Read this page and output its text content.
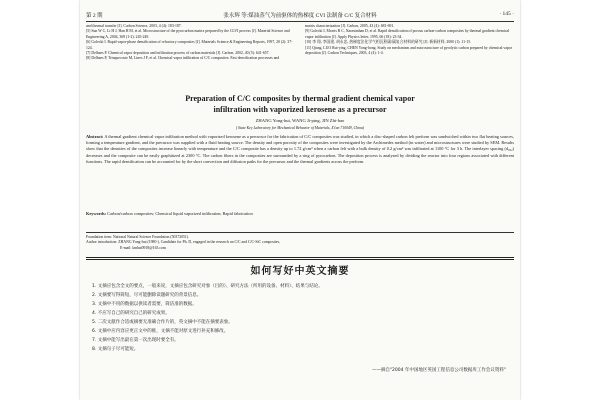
第 2 期	张永辉 等:煤油蒸气为前驱体的热梯度 CVI 法制备 C/C 复合材料	· 145 ·

and thermal transfer [J]. Carbon Science, 2003, 4 (4): 183-187.

[5] Sun W C, Li H J, Han H M, et al. Microstructure of the pyrocarbon matrix prepared by the CLVI process [J]. Material Science and Engineering A, 2004, 369 (1-2): 245-249.

[6] Golecki I. Rapid vapor-phase densification of refractory composites [J]. Materials Science & Engineering Reports, 1997, 20 (2): 37-124.

[7] Delhaes P. Chemical vapor deposition and infiltration process of carbon materials [J]. Carbon, 2002, 40 (5): 641-657.

[8] Delhaes P, Trinquecoste M, Lines J F, et al. Chemical vapor infiltration of C/C composites: Fast densification processes and

matrix characterization [J]. Carbon, 2005, 43 (4): 681-691.

[9] Golecki I, Morris R C, Narasimhan D, et al. Rapid densification of porous carbon-carbon composites by thermal gradient chemical vapor infiltration [J]. Apply Physics letter, 1995, 66 (18): 23-34.

[10] 李 翔, 李国建, 胡永忠, 热梯度法化学气相沉积碳/碳复合材料的研究 [J]. 新新材料, 2000 (1): 11-15.

[11] Qiang, LUO Rui-ying, CHEN Yong-hong. Study on mechanism and microstructure of pyrolytic carbon prepared by chemical vapor deposition [J]. Carbon Techniques, 2003, 4 (4): 1-4.

Preparation of C/C composites by thermal gradient chemical vapor
infiltration with vaporized kerosene as a precursor
ZHANG Yong-hui, WANG Ji-ping, JIN Zhi-hao
( State Key Laboratory for Mechanical Behavior of Materials, Xi'an 710049, China)
Abstract: A thermal gradient chemical vapor infiltration method with vaporized kerosene as a precursor for the fabrication of C/C composites was studied, in which a disc-shaped carbon felt preform was sandwiched within two flat heating sources, forming a temperature gradient, and the precursor was supplied with a fluid heating source. The density and open porosity of the composites were investigated by the Archimedes method (in water) and microstructures were studied by SEM. Results show that the densities of the composites increase linearly with temperature and the C/C composite has a density up to 1.72 g/cm³ when a carbon felt with a bulk density of 0.2 g/cm³ was infiltrated at 1100 °C for 3 h. The interlayer spacing (d₀₀₂) decreases and the composite can be easily graphitized at 2300 °C. The carbon fibers in the composites are surrounded by a ring of pyrocarbon. The deposition process is analyzed by dividing the reactor into four regions associated with different functions. The rapid densification can be accounted for by the short convection and diffusion paths for the precursor and the thermal gradients across the preform.
Keywords: Carbon/carbon composites; Chemical liquid vaporized infiltration; Rapid fabrication

Foundation item: National Natural Science Foundation (50372051).

Author introduction: ZHANG Yong-hui (1980-), Candidate for Ph. D, engaged in the research on C/C and C/C-SiC composites,

E-mail: lanhai0918@163.com

如何写好中英文摘要
1. 文摘应包含全文的要点，一般来说，文摘应包含研究对象（目的）、研究方法（所用的设备、材料）、结果与结论。
2. 文摘要写得简短，尽可能删除读题研究的背景信息。
3. 文摘中不用的数据以供读者需要，简洁准的数据。
4. 不应写自己的研究自己的研究成果。
5. 二次文献作合适或摘要无准确合作片的，英文摘中不能在摘要表象。
6. 文摘中应内容应更正文中的推，文摘不能对原文进行补充和修改。
7. 文摘中能写出最在第一次出现时要全有。
8. 文摘句子尽可能短。
——摘自"2004 年中国地区英国工程信息公司数据库工作会议资料"
